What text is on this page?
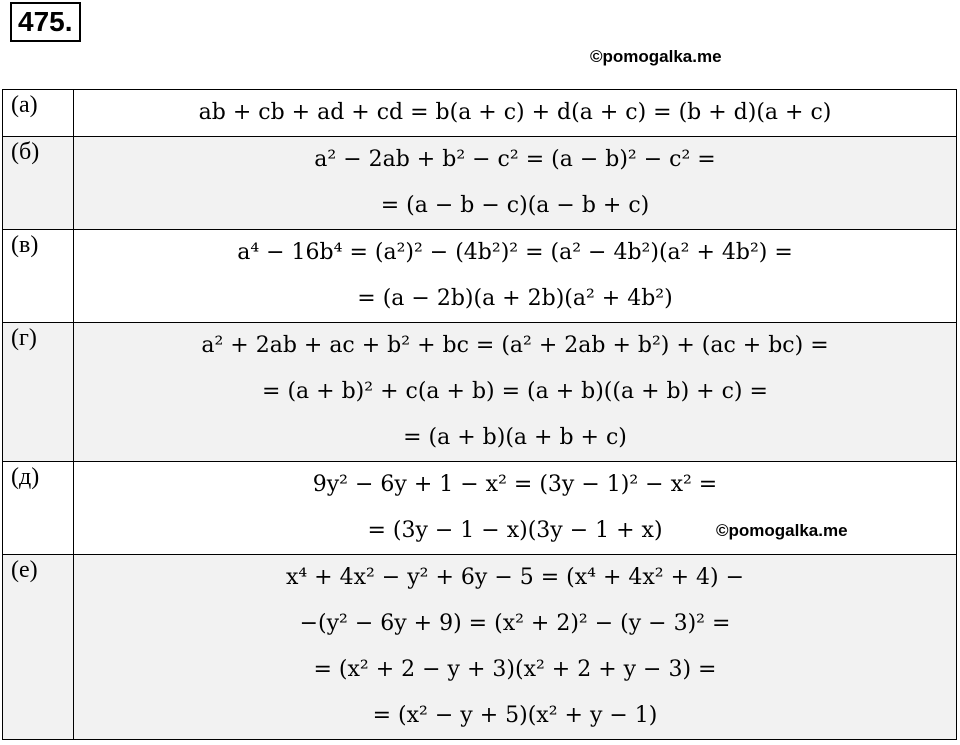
475.
©pomogalka.me
(а)	ab + cb + ad + cd = b(a + c) + d(a + c) = (b + d)(a + c)

(б)	a² − 2ab + b² − c² = (a − b)² − c² =
= (a − b − c)(a − b + c)

(в)	a⁴ − 16b⁴ = (a²)² − (4b²)² = (a² − 4b²)(a² + 4b²) =
= (a − 2b)(a + 2b)(a² + 4b²)

(г)	a² + 2ab + ac + b² + bc = (a² + 2ab + b²) + (ac + bc) =
= (a + b)² + c(a + b) = (a + b)((a + b) + c) =
= (a + b)(a + b + c)

(д)	9y² − 6y + 1 − x² = (3y − 1)² − x² =
= (3y − 1 − x)(3y − 1 + x)

(е)	x⁴ + 4x² − y² + 6y − 5 = (x⁴ + 4x² + 4) −
−(y² − 6y + 9) = (x² + 2)² − (y − 3)² =
= (x² + 2 − y + 3)(x² + 2 + y − 3) =
= (x² − y + 5)(x² + y − 1)
©pomogalka.me
